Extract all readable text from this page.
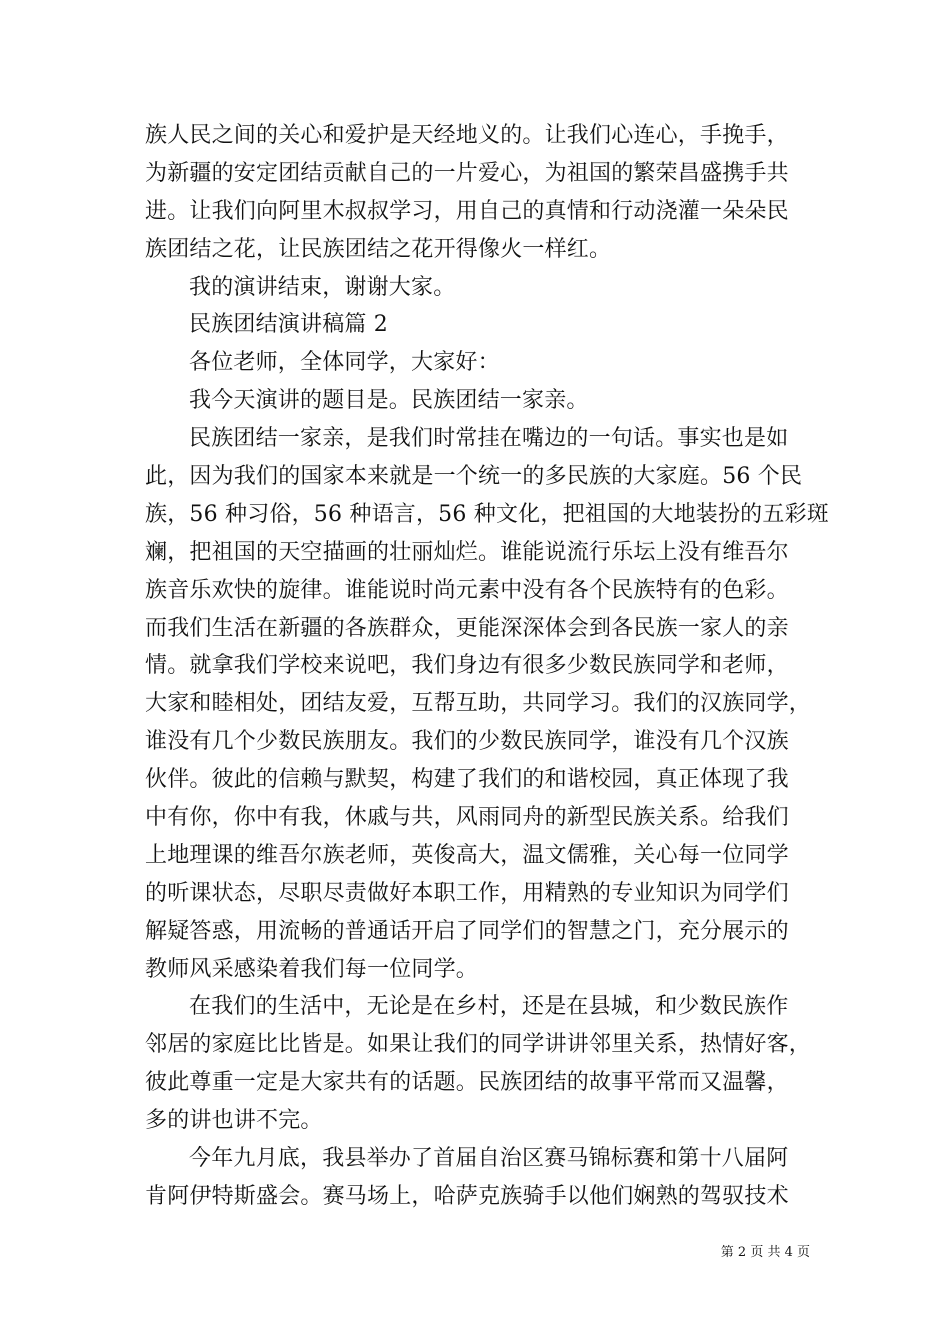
族人民之间的关心和爱护是天经地义的。让我们心连心，手挽手，
为新疆的安定团结贡献自己的一片爱心，为祖国的繁荣昌盛携手共
进。让我们向阿里木叔叔学习，用自己的真情和行动浇灌一朵朵民
族团结之花，让民族团结之花开得像火一样红。
我的演讲结束，谢谢大家。
民族团结演讲稿篇 2
各位老师，全体同学，大家好：
我今天演讲的题目是。民族团结一家亲。
民族团结一家亲，是我们时常挂在嘴边的一句话。事实也是如
此，因为我们的国家本来就是一个统一的多民族的大家庭。56 个民
族，56 种习俗，56 种语言，56 种文化，把祖国的大地装扮的五彩斑
斓，把祖国的天空描画的壮丽灿烂。谁能说流行乐坛上没有维吾尔
族音乐欢快的旋律。谁能说时尚元素中没有各个民族特有的色彩。
而我们生活在新疆的各族群众，更能深深体会到各民族一家人的亲
情。就拿我们学校来说吧，我们身边有很多少数民族同学和老师，
大家和睦相处，团结友爱，互帮互助，共同学习。我们的汉族同学，
谁没有几个少数民族朋友。我们的少数民族同学，谁没有几个汉族
伙伴。彼此的信赖与默契，构建了我们的和谐校园，真正体现了我
中有你，你中有我，休戚与共，风雨同舟的新型民族关系。给我们
上地理课的维吾尔族老师，英俊高大，温文儒雅，关心每一位同学
的听课状态，尽职尽责做好本职工作，用精熟的专业知识为同学们
解疑答惑，用流畅的普通话开启了同学们的智慧之门，充分展示的
教师风采感染着我们每一位同学。
在我们的生活中，无论是在乡村，还是在县城，和少数民族作
邻居的家庭比比皆是。如果让我们的同学讲讲邻里关系，热情好客，
彼此尊重一定是大家共有的话题。民族团结的故事平常而又温馨，
多的讲也讲不完。
今年九月底，我县举办了首届自治区赛马锦标赛和第十八届阿
肯阿伊特斯盛会。赛马场上，哈萨克族骑手以他们娴熟的驾驭技术
第 2 页 共 4 页
